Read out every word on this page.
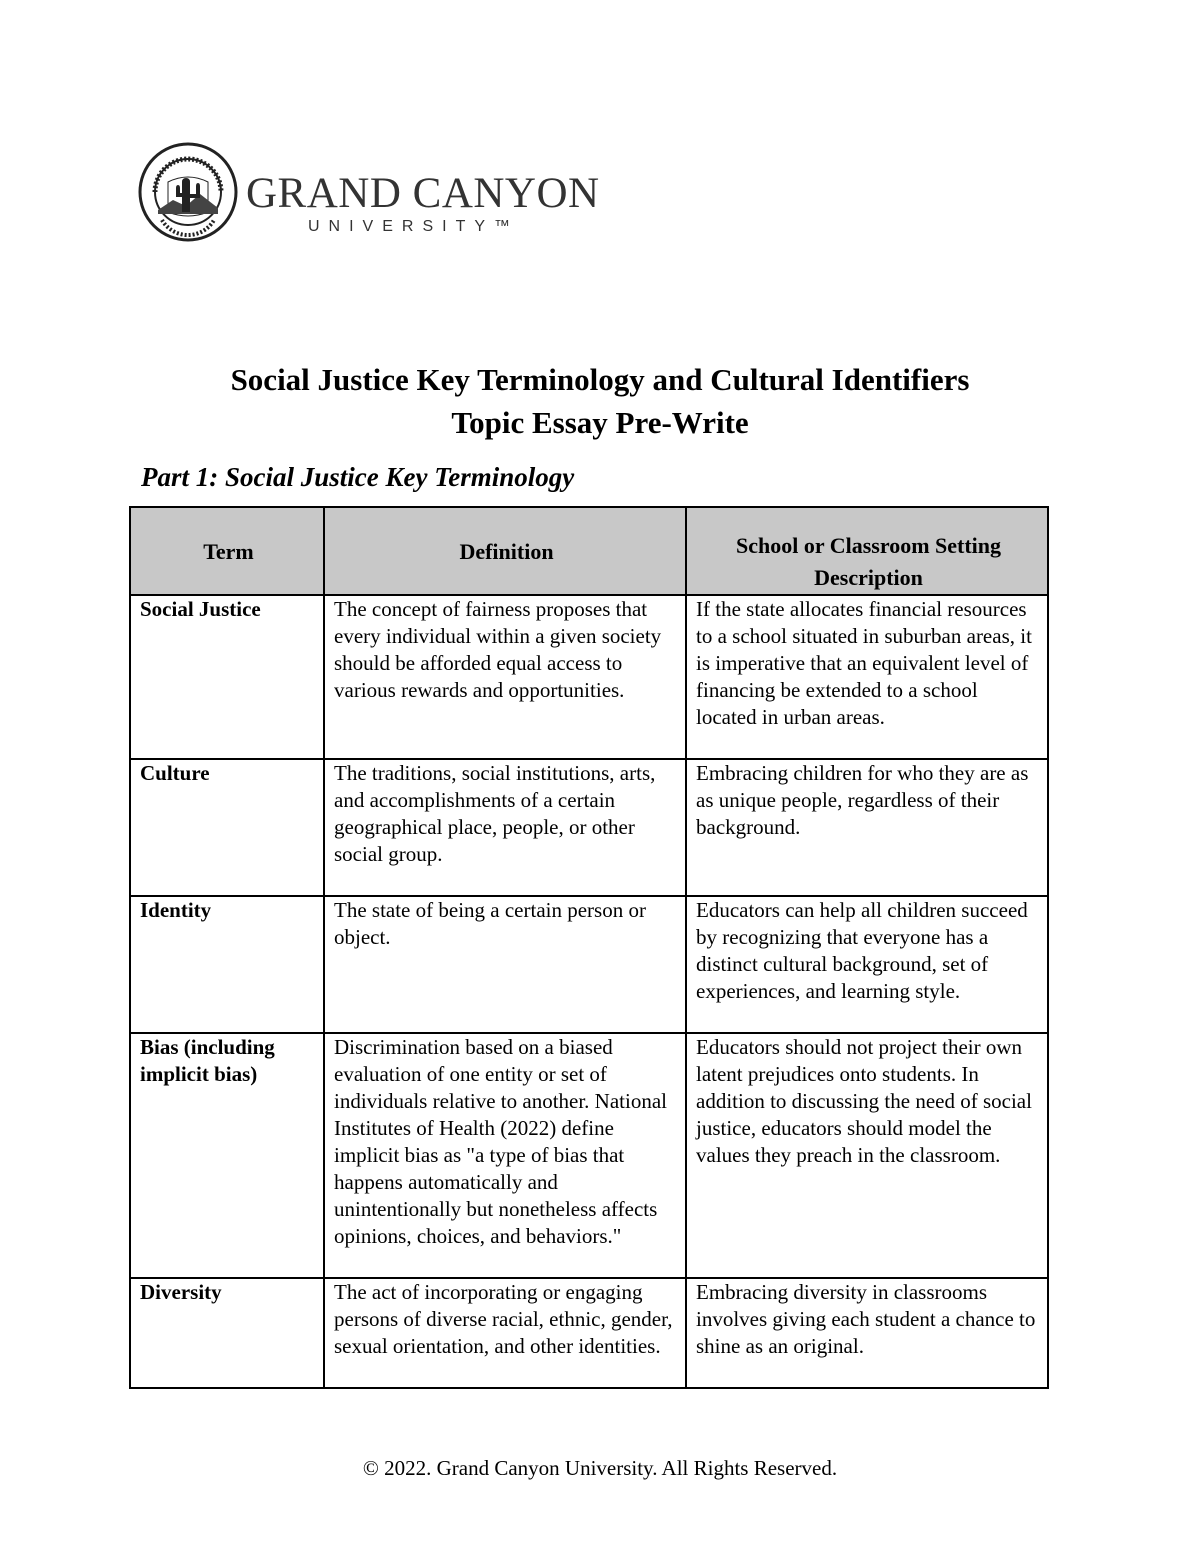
GRAND CANYON
UNIVERSITY™
Social Justice Key Terminology and Cultural Identifiers
Topic Essay Pre-Write
Part 1: Social Justice Key Terminology
Term	Definition	School or Classroom Setting Description
Social Justice	The concept of fairness proposes that every individual within a given society should be afforded equal access to various rewards and opportunities.	If the state allocates financial resources to a school situated in suburban areas, it is imperative that an equivalent level of financing be extended to a school located in urban areas.
Culture	The traditions, social institutions, arts, and accomplishments of a certain geographical place, people, or other social group.	Embracing children for who they are as as unique people, regardless of their background.
Identity	The state of being a certain person or object.	Educators can help all children succeed by recognizing that everyone has a distinct cultural background, set of experiences, and learning style.
Bias (including implicit bias)	Discrimination based on a biased evaluation of one entity or set of individuals relative to another. National Institutes of Health (2022) define implicit bias as "a type of bias that happens automatically and unintentionally but nonetheless affects opinions, choices, and behaviors."	Educators should not project their own latent prejudices onto students. In addition to discussing the need of social justice, educators should model the values they preach in the classroom.
Diversity	The act of incorporating or engaging persons of diverse racial, ethnic, gender, sexual orientation, and other identities.	Embracing diversity in classrooms involves giving each student a chance to shine as an original.
© 2022. Grand Canyon University. All Rights Reserved.
